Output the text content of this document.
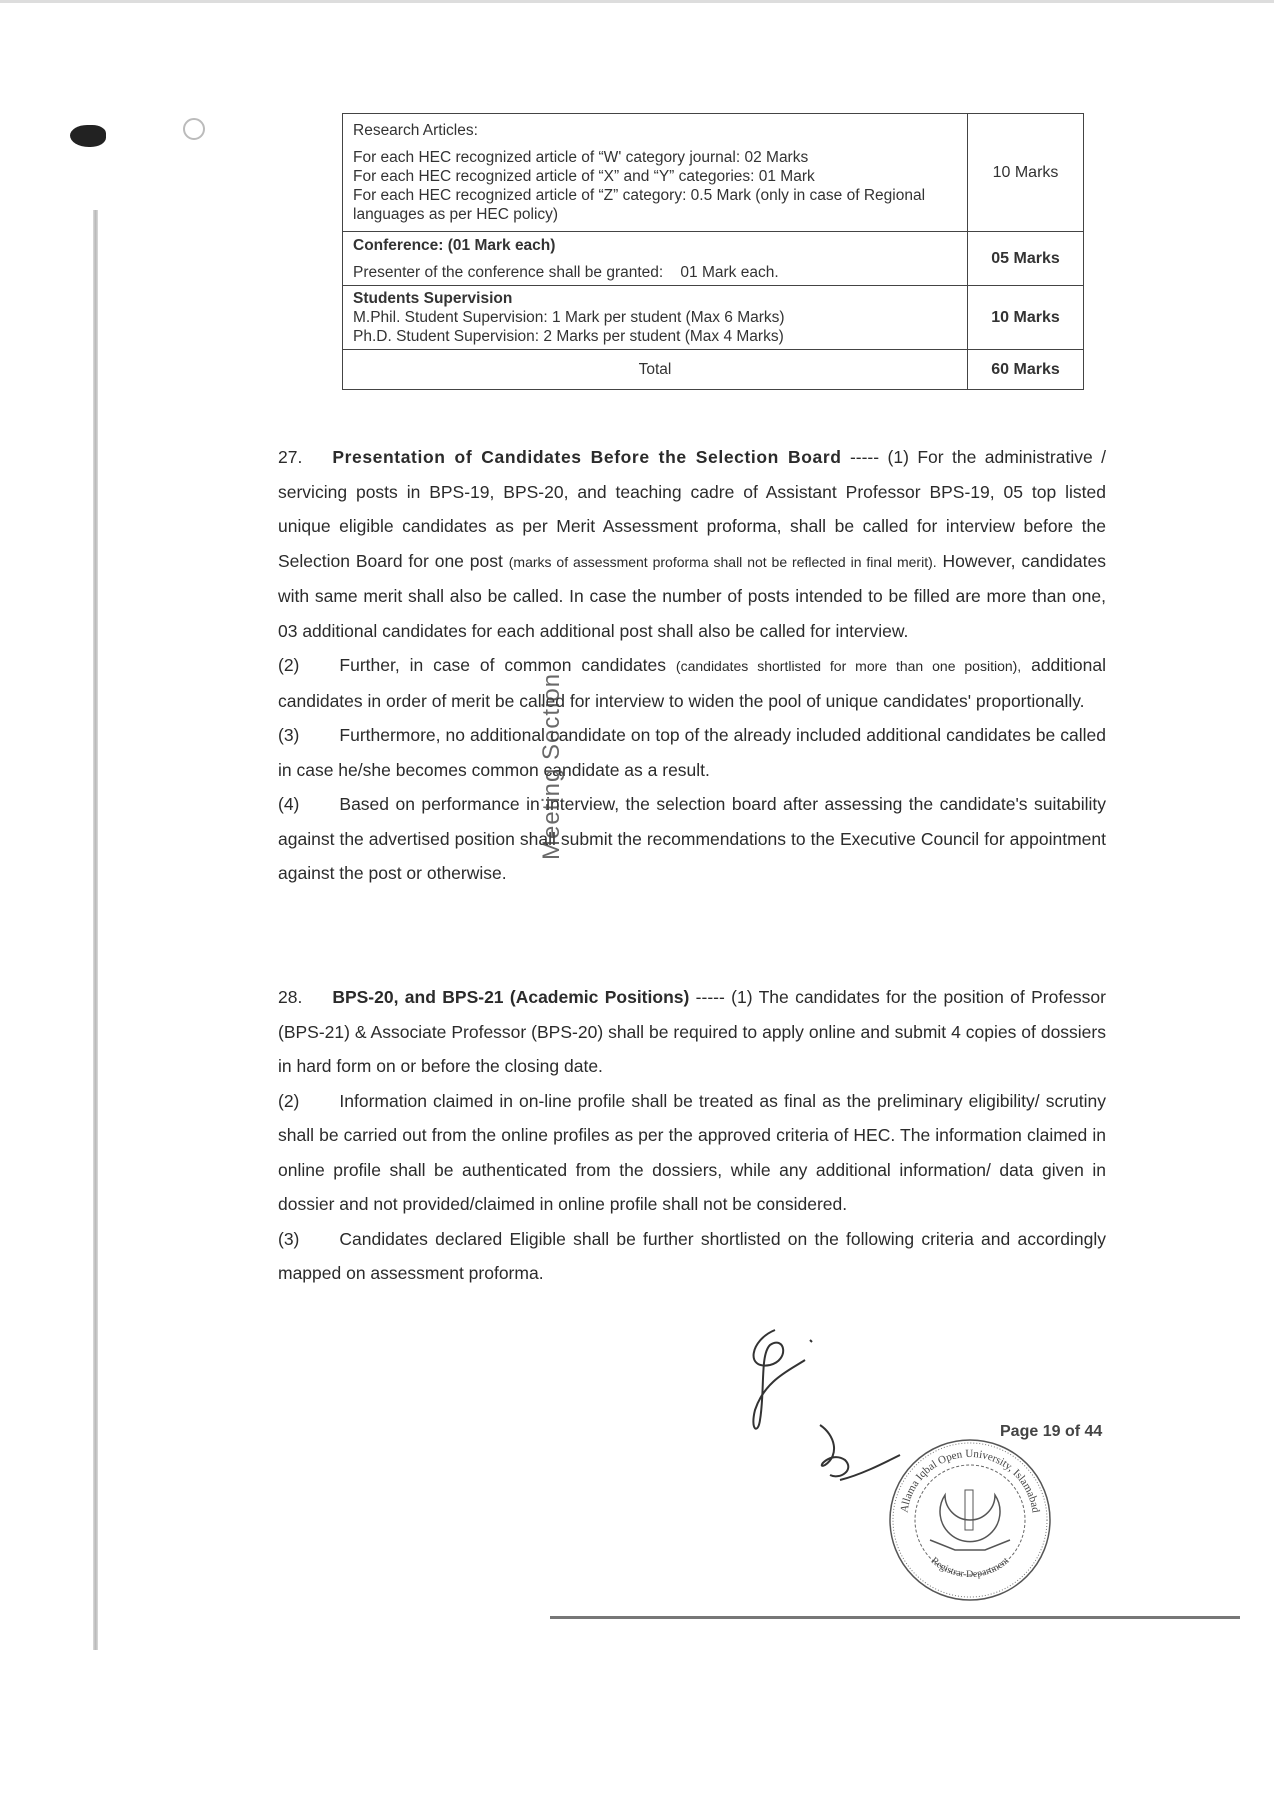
Research Articles:
For each HEC recognized article of “W' category journal: 02 Marks
For each HEC recognized article of “X” and “Y” categories: 01 Mark
For each HEC recognized article of “Z” category: 0.5 Mark (only in case of Regional languages as per HEC policy)	10 Marks

Conference: (01 Mark each)
Presenter of the conference shall be granted:    01 Mark each.	05 Marks

Students Supervision
M.Phil. Student Supervision: 1 Mark per student (Max 6 Marks)
Ph.D. Student Supervision: 2 Marks per student (Max 4 Marks)	10 Marks
Total	60 Marks

27. Presentation of Candidates Before the Selection Board ----- (1) For the administrative / servicing posts in BPS-19, BPS-20, and teaching cadre of Assistant Professor BPS-19, 05 top listed unique eligible candidates as per Merit Assessment proforma, shall be called for interview before the Selection Board for one post (marks of assessment proforma shall not be reflected in final merit). However, candidates with same merit shall also be called. In case the number of posts intended to be filled are more than one, 03 additional candidates for each additional post shall also be called for interview.

(2) Further, in case of common candidates (candidates shortlisted for more than one position), additional candidates in order of merit be called for interview to widen the pool of unique candidates' proportionally.

(3) Furthermore, no additional candidate on top of the already included additional candidates be called in case he/she becomes common candidate as a result.

(4) Based on performance in interview, the selection board after assessing the candidate's suitability against the advertised position shall submit the recommendations to the Executive Council for appointment against the post or otherwise.

28. BPS-20, and BPS-21 (Academic Positions) ----- (1) The candidates for the position of Professor (BPS-21) & Associate Professor (BPS-20) shall be required to apply online and submit 4 copies of dossiers in hard form on or before the closing date.

(2) Information claimed in on-line profile shall be treated as final as the preliminary eligibility/ scrutiny shall be carried out from the online profiles as per the approved criteria of HEC. The information claimed in online profile shall be authenticated from the dossiers, while any additional information/ data given in dossier and not provided/claimed in online profile shall not be considered.

(3) Candidates declared Eligible shall be further shortlisted on the following criteria and accordingly mapped on assessment proforma.

Meeting Section
Page 19 of 44
Allama Iqbal Open University, Islamabad
Registrar Department
